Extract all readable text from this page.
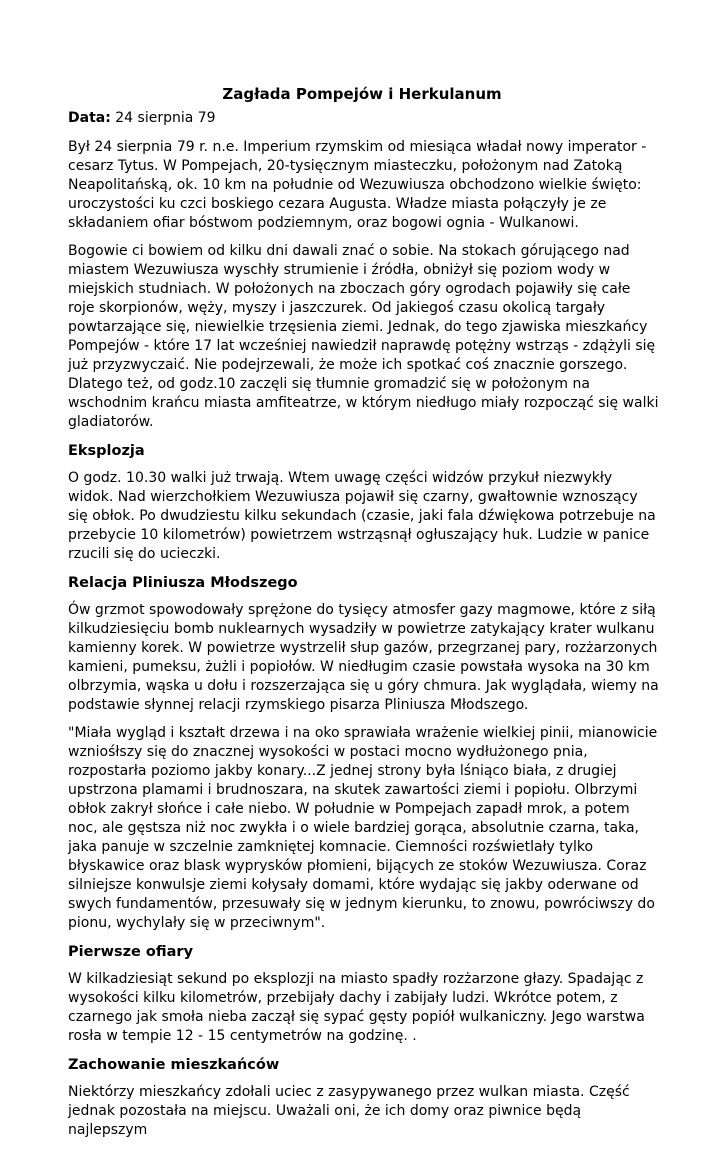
Zagłada Pompejów i Herkulanum
Data: 24 sierpnia 79

Był 24 sierpnia 79 r. n.e. Imperium rzymskim od miesiąca władał nowy imperator - cesarz Tytus. W Pompejach, 20-tysięcznym miasteczku, położonym nad Zatoką Neapolitańską, ok. 10 km na południe od Wezuwiusza obchodzono wielkie święto: uroczystości ku czci boskiego cezara Augusta. Władze miasta połączyły je ze składaniem ofiar bóstwom podziemnym, oraz bogowi ognia - Wulkanowi.

Bogowie ci bowiem od kilku dni dawali znać o sobie. Na stokach górującego nad miastem Wezuwiusza wyschły strumienie i źródła, obniżył się poziom wody w miejskich studniach. W położonych na zboczach góry ogrodach pojawiły się całe roje skorpionów, węży, myszy i jaszczurek. Od jakiegoś czasu okolicą targały powtarzające się, niewielkie trzęsienia ziemi. Jednak, do tego zjawiska mieszkańcy Pompejów - które 17 lat wcześniej nawiedził naprawdę potężny wstrząs - zdążyli się już przyzwyczaić. Nie podejrzewali, że może ich spotkać coś znacznie gorszego. Dlatego też, od godz.10 zaczęli się tłumnie gromadzić się w położonym na wschodnim krańcu miasta amfiteatrze, w którym niedługo miały rozpocząć się walki gladiatorów.

Eksplozja

O godz. 10.30 walki już trwają. Wtem uwagę części widzów przykuł niezwykły widok. Nad wierzchołkiem Wezuwiusza pojawił się czarny, gwałtownie wznoszący się obłok. Po dwudziestu kilku sekundach (czasie, jaki fala dźwiękowa potrzebuje na przebycie 10 kilometrów) powietrzem wstrząsnął ogłuszający huk. Ludzie w panice rzucili się do ucieczki.

Relacja Pliniusza Młodszego

Ów grzmot spowodowały sprężone do tysięcy atmosfer gazy magmowe, które z siłą kilkudziesięciu bomb nuklearnych wysadziły w powietrze zatykający krater wulkanu kamienny korek. W powietrze wystrzelił słup gazów, przegrzanej pary, rozżarzonych kamieni, pumeksu, żużli i popiołów. W niedługim czasie powstała wysoka na 30 km olbrzymia, wąska u dołu i rozszerzająca się u góry chmura. Jak wyglądała, wiemy na podstawie słynnej relacji rzymskiego pisarza Pliniusza Młodszego.

"Miała wygląd i kształt drzewa i na oko sprawiała wrażenie wielkiej pinii, mianowicie wzniośłszy się do znacznej wysokości w postaci mocno wydłużonego pnia, rozpostarła poziomo jakby konary...Z jednej strony była lśniąco biała, z drugiej upstrzona plamami i brudnoszara, na skutek zawartości ziemi i popiołu. Olbrzymi obłok zakrył słońce i całe niebo. W południe w Pompejach zapadł mrok, a potem noc, ale gęstsza niż noc zwykła i o wiele bardziej gorąca, absolutnie czarna, taka, jaka panuje w szczelnie zamkniętej komnacie. Ciemności rozświetlały tylko błyskawice oraz blask wyprysków płomieni, bijących ze stoków Wezuwiusza. Coraz silniejsze konwulsje ziemi kołysały domami, które wydając się jakby oderwane od swych fundamentów, przesuwały się w jednym kierunku, to znowu, powróciwszy do pionu, wychylały się w przeciwnym".

Pierwsze ofiary

W kilkadziesiąt sekund po eksplozji na miasto spadły rozżarzone głazy. Spadając z wysokości kilku kilometrów, przebijały dachy i zabijały ludzi. Wkrótce potem, z czarnego jak smoła nieba zaczął się sypać gęsty popiół wulkaniczny. Jego warstwa rosła w tempie 12 - 15 centymetrów na godzinę. .

Zachowanie mieszkańców

Niektórzy mieszkańcy zdołali uciec z zasypywanego przez wulkan miasta. Część jednak pozostała na miejscu. Uważali oni, że ich domy oraz piwnice będą najlepszym
